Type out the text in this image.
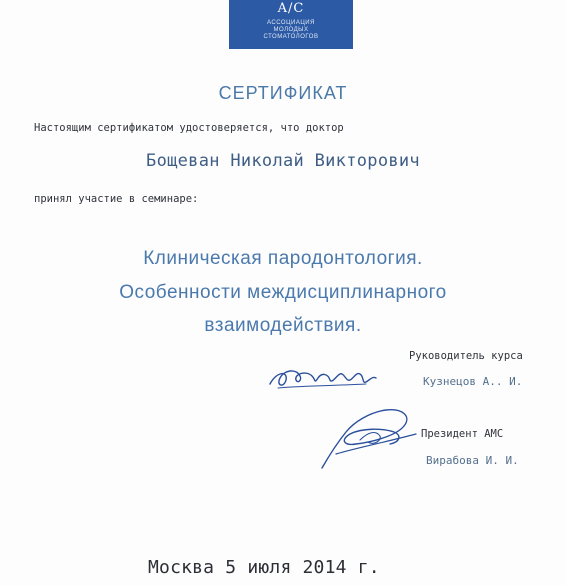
A/C
АССОЦИАЦИЯ
МОЛОДЫХ
СТОМАТОЛОГОВ
СЕРТИФИКАТ
Настоящим сертификатом удостоверяется, что доктор
Бощеван Николай Викторович
принял участие в семинаре:
Клиническая пародонтология.
Особенности междисциплинарного
взаимодействия.
Руководитель курса
Кузнецов А.. И.
Президент АМС
Вирабова И. И.
Москва 5 июля 2014 г.
